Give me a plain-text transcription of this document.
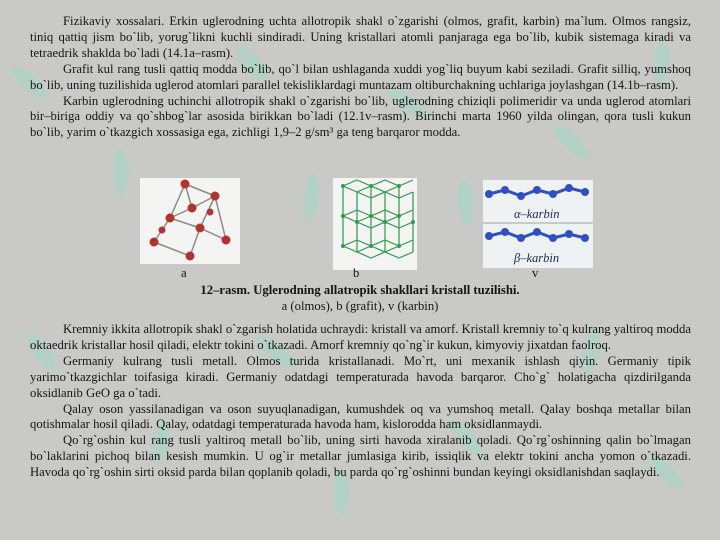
Fizikaviy xossalari. Erkin uglerodning uchta allotropik shakl o`zgarishi (olmos, grafit, karbin) ma`lum. Olmos rangsiz, tiniq qattiq jism bo`lib, yorug`likni kuchli sindiradi. Uning kristallari atomli panjaraga ega bo`lib, kubik sistemaga kiradi va tetraedrik shaklda bo`ladi (14.1a–rasm).

Grafit kul rang tusli qattiq modda bo`lib, qo`l bilan ushlaganda xuddi yog`liq buyum kabi seziladi. Grafit silliq, yumshoq bo`lib, uning tuzilishida uglerod atomlari parallel tekisliklardagi muntazam oltiburchakning uchlariga joylashgan (14.1b–rasm).

Karbin uglerodning uchinchi allotropik shakl o`zgarishi bo`lib, uglerodning chiziqli polimeridir va unda uglerod atomlari bir–biriga oddiy va qo`shbog`lar asosida birikkan bo`ladi (12.1v–rasm). Birinchi marta 1960 yilda olingan, qora tusli kukun bo`lib, yarim o`tkazgich xossasiga ega, zichligi 1,9–2 g/sm³ ga teng barqaror modda.

α–karbin
β–karbin
a	b	v
12–rasm. Uglerodning allatropik shakllari kristall tuzilishi.
a (olmos), b (grafit), v (karbin)

Kremniy ikkita allotropik shakl o`zgarish holatida uchraydi: kristall va amorf. Kristall kremniy to`q kulrang yaltiroq modda oktaedrik kristallar hosil qiladi, elektr tokini o`tkazadi. Amorf kremniy qo`ng`ir kukun, kimyoviy jixatdan faolroq.

Germaniy kulrang tusli metall. Olmos turida kristallanadi. Mo`rt, uni mexanik ishlash qiyin. Germaniy tipik yarimo`tkazgichlar toifasiga kiradi. Germaniy odatdagi temperaturada havoda barqaror. Cho`g` holatigacha qizdirilganda oksidlanib GeO ga o`tadi.

Qalay oson yassilanadigan va oson suyuqlanadigan, kumushdek oq va yumshoq metall. Qalay boshqa metallar bilan qotishmalar hosil qiladi. Qalay, odatdagi temperaturada havoda ham, kislorodda ham oksidlanmaydi.

Qo`rg`oshin kul rang tusli yaltiroq metall bo`lib, uning sirti havoda xiralanib qoladi. Qo`rg`oshinning qalin bo`lmagan bo`laklarini pichoq bilan kesish mumkin. U og`ir metallar jumlasiga kirib, issiqlik va elektr tokini ancha yomon o`tkazadi. Havoda qo`rg`oshin sirti oksid parda bilan qoplanib qoladi, bu parda qo`rg`oshinni bundan keyingi oksidlanishdan saqlaydi.
